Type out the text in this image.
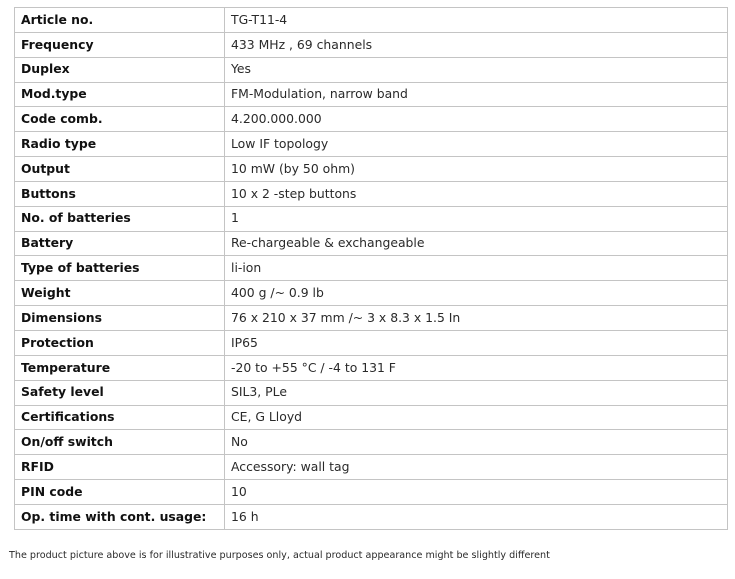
Article no.	TG-T11-4
Frequency	433 MHz , 69 channels
Duplex	Yes
Mod.type	FM-Modulation, narrow band
Code comb.	4.200.000.000
Radio type	Low IF topology
Output	10 mW (by 50 ohm)
Buttons	10 x 2 -step buttons
No. of batteries	1
Battery	Re-chargeable & exchangeable
Type of batteries	li-ion
Weight	400 g /~ 0.9 lb
Dimensions	76 x 210 x 37 mm /~ 3 x 8.3 x 1.5 In
Protection	IP65
Temperature	-20 to +55 °C / -4 to 131 F
Safety level	SIL3, PLe
Certifications	CE, G Lloyd
On/off switch	No
RFID	Accessory: wall tag
PIN code	10
Op. time with cont. usage:	16 h
The product picture above is for illustrative purposes only, actual product appearance might be slightly different
